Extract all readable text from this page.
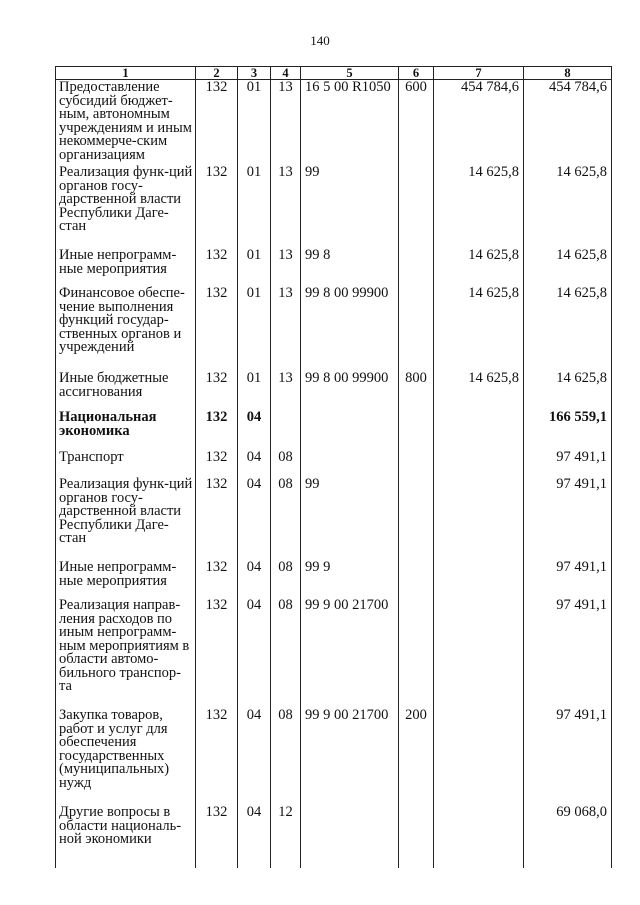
140
1	2	3	4	5	6	7	8
Предоставление субсидий бюджет-ным, автономным учреждениям и иным некоммерче-ским организациям	132	01	13	16 5 00 R1050	600	454 784,6	454 784,6
Реализация функ-ций органов госу-дарственной власти Республики Даге-стан	132	01	13	99		14 625,8	14 625,8
Иные непрограмм-ные мероприятия	132	01	13	99 8		14 625,8	14 625,8
Финансовое обеспе-чение выполнения функций государ-ственных органов и учреждений	132	01	13	99 8 00 99900		14 625,8	14 625,8
Иные бюджетные ассигнования	132	01	13	99 8 00 99900	800	14 625,8	14 625,8
Национальная экономика	132	04					166 559,1
Транспорт	132	04	08				97 491,1
Реализация функ-ций органов госу-дарственной власти Республики Даге-стан	132	04	08	99			97 491,1
Иные непрограмм-ные мероприятия	132	04	08	99 9			97 491,1
Реализация направ-ления расходов по иным непрограмм-ным мероприятиям в области автомо-бильного транспор-та	132	04	08	99 9 00 21700			97 491,1
Закупка товаров, работ и услуг для обеспечения государственных (муниципальных) нужд	132	04	08	99 9 00 21700	200		97 491,1
Другие вопросы в области националь-ной экономики	132	04	12				69 068,0
